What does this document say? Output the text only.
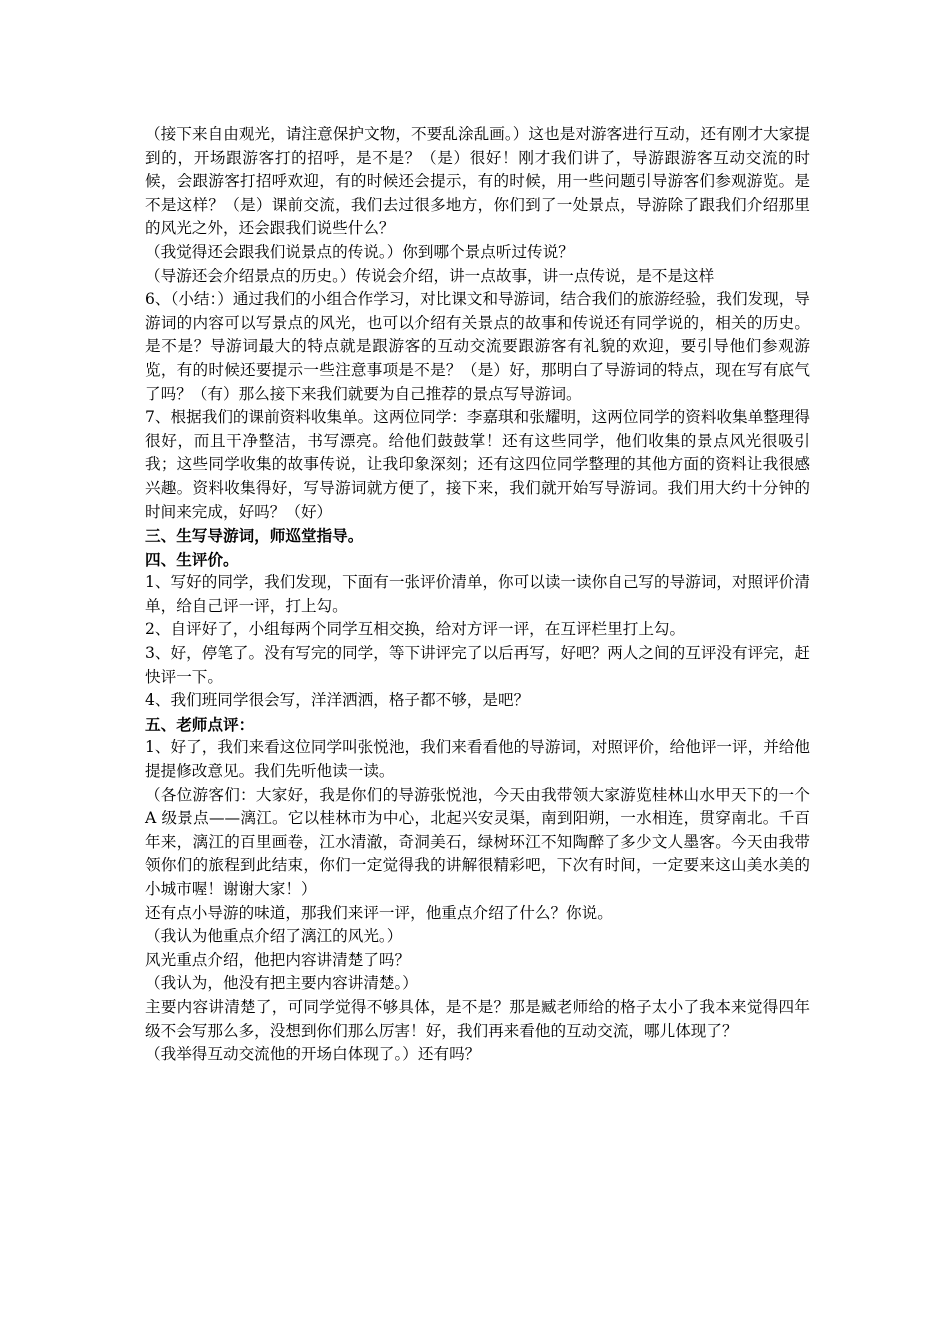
（接下来自由观光，请注意保护文物，不要乱涂乱画。）这也是对游客进行互动，还有刚才大家提到的，开场跟游客打的招呼，是不是？（是）很好！刚才我们讲了，导游跟游客互动交流的时候，会跟游客打招呼欢迎，有的时候还会提示，有的时候，用一些问题引导游客们参观游览。是不是这样？（是）课前交流，我们去过很多地方，你们到了一处景点，导游除了跟我们介绍那里的风光之外，还会跟我们说些什么？

（我觉得还会跟我们说景点的传说。）你到哪个景点听过传说？

（导游还会介绍景点的历史。）传说会介绍，讲一点故事，讲一点传说，是不是这样

6、（小结：）通过我们的小组合作学习，对比课文和导游词，结合我们的旅游经验，我们发现，导游词的内容可以写景点的风光，也可以介绍有关景点的故事和传说还有同学说的，相关的历史。是不是？导游词最大的特点就是跟游客的互动交流要跟游客有礼貌的欢迎，要引导他们参观游览，有的时候还要提示一些注意事项是不是？（是）好，那明白了导游词的特点，现在写有底气了吗？（有）那么接下来我们就要为自己推荐的景点写导游词。

7、根据我们的课前资料收集单。这两位同学：李嘉琪和张耀明，这两位同学的资料收集单整理得很好，而且干净整洁，书写漂亮。给他们鼓鼓掌！还有这些同学，他们收集的景点风光很吸引我；这些同学收集的故事传说，让我印象深刻；还有这四位同学整理的其他方面的资料让我很感兴趣。资料收集得好，写导游词就方便了，接下来，我们就开始写导游词。我们用大约十分钟的时间来完成，好吗？（好）

三、生写导游词，师巡堂指导。

四、生评价。

1、写好的同学，我们发现，下面有一张评价清单，你可以读一读你自己写的导游词，对照评价清单，给自己评一评，打上勾。

2、自评好了，小组每两个同学互相交换，给对方评一评，在互评栏里打上勾。

3、好，停笔了。没有写完的同学，等下讲评完了以后再写，好吧？两人之间的互评没有评完，赶快评一下。

4、我们班同学很会写，洋洋洒洒，格子都不够，是吧？

五、老师点评：

1、好了，我们来看这位同学叫张悦池，我们来看看他的导游词，对照评价，给他评一评，并给他提提修改意见。我们先听他读一读。

（各位游客们：大家好，我是你们的导游张悦池，今天由我带领大家游览桂林山水甲天下的一个 A 级景点——漓江。它以桂林市为中心，北起兴安灵渠，南到阳朔，一水相连，贯穿南北。千百年来，漓江的百里画卷，江水清澈，奇洞美石，绿树环江不知陶醉了多少文人墨客。今天由我带领你们的旅程到此结束，你们一定觉得我的讲解很精彩吧，下次有时间，一定要来这山美水美的小城市喔！谢谢大家！）

还有点小导游的味道，那我们来评一评，他重点介绍了什么？你说。

（我认为他重点介绍了漓江的风光。）

风光重点介绍，他把内容讲清楚了吗？

（我认为，他没有把主要内容讲清楚。）

主要内容讲清楚了，可同学觉得不够具体，是不是？那是臧老师给的格子太小了我本来觉得四年级不会写那么多，没想到你们那么厉害！好，我们再来看他的互动交流，哪儿体现了？

（我举得互动交流他的开场白体现了。）还有吗？
